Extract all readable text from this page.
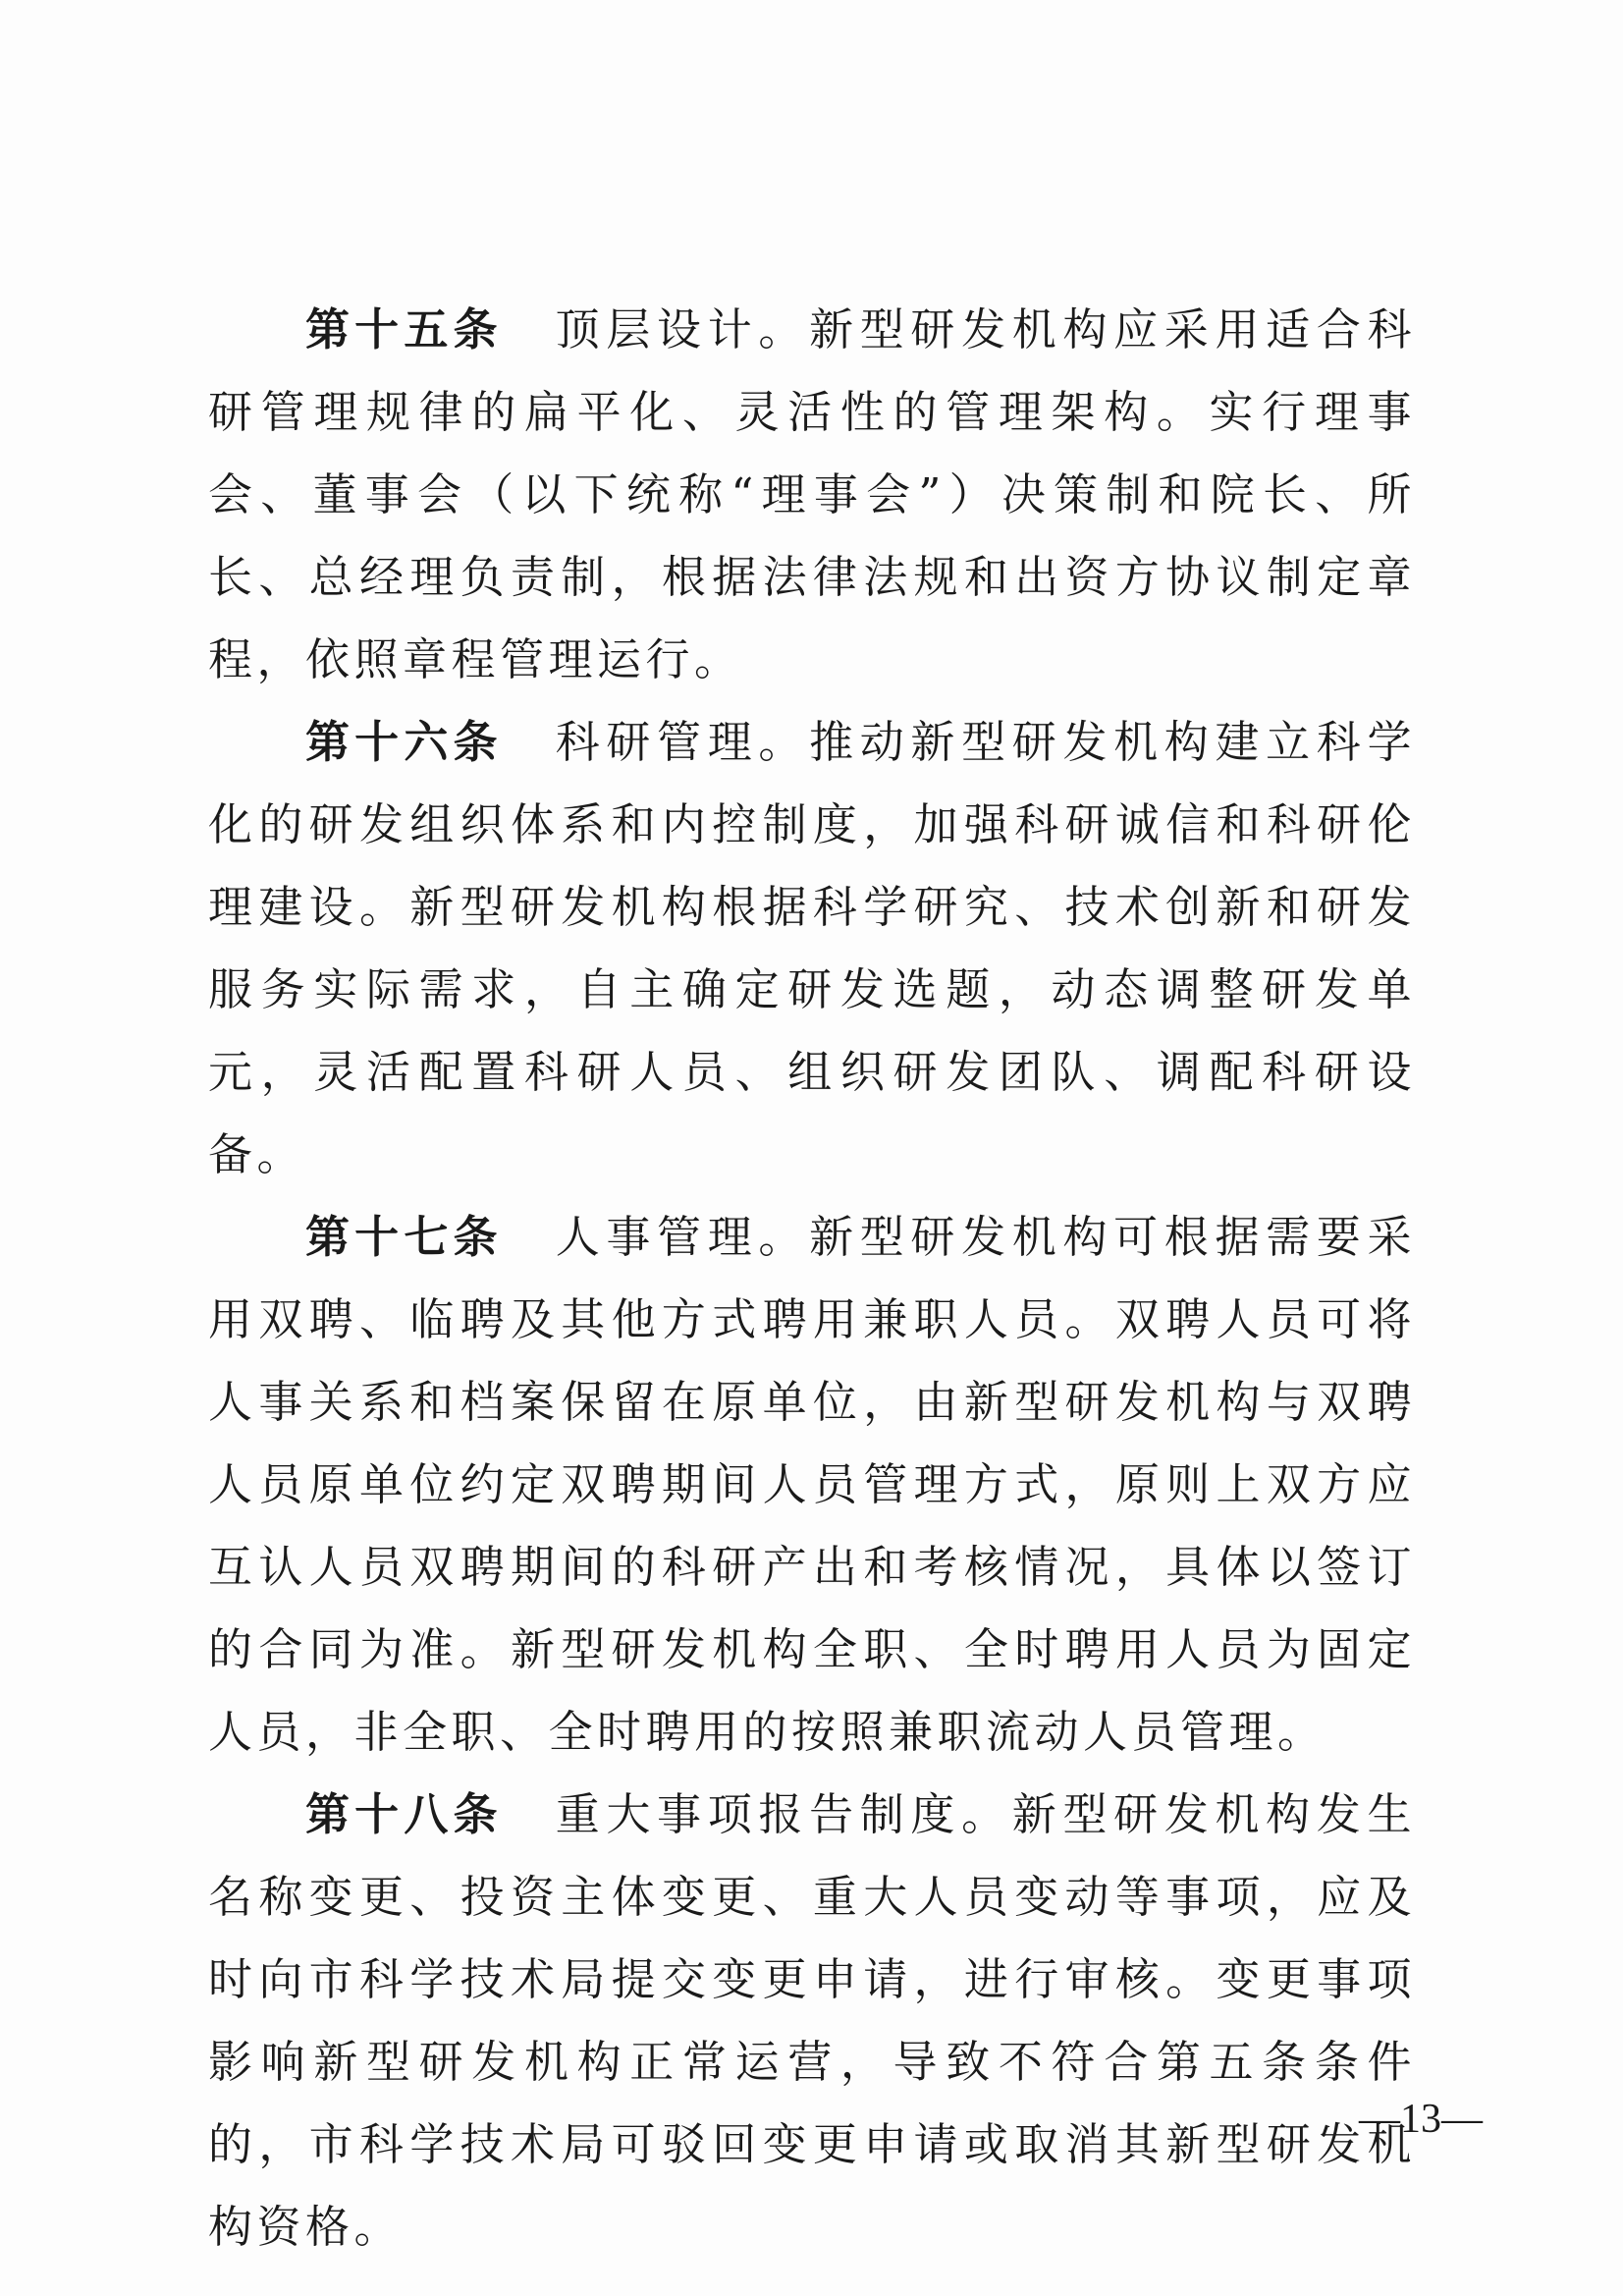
第十五条 顶层设计。新型研发机构应采用适合科研管理规律的扁平化、灵活性的管理架构。实行理事会、董事会（以下统称“理事会”）决策制和院长、所长、总经理负责制，根据法律法规和出资方协议制定章程，依照章程管理运行。

第十六条 科研管理。推动新型研发机构建立科学化的研发组织体系和内控制度，加强科研诚信和科研伦理建设。新型研发机构根据科学研究、技术创新和研发服务实际需求，自主确定研发选题，动态调整研发单元，灵活配置科研人员、组织研发团队、调配科研设备。

第十七条 人事管理。新型研发机构可根据需要采用双聘、临聘及其他方式聘用兼职人员。双聘人员可将人事关系和档案保留在原单位，由新型研发机构与双聘人员原单位约定双聘期间人员管理方式，原则上双方应互认人员双聘期间的科研产出和考核情况，具体以签订的合同为准。新型研发机构全职、全时聘用人员为固定人员，非全职、全时聘用的按照兼职流动人员管理。

第十八条 重大事项报告制度。新型研发机构发生名称变更、投资主体变更、重大人员变动等事项，应及时向市科学技术局提交变更申请，进行审核。变更事项影响新型研发机构正常运营，导致不符合第五条条件的，市科学技术局可驳回变更申请或取消其新型研发机构资格。

—13—
